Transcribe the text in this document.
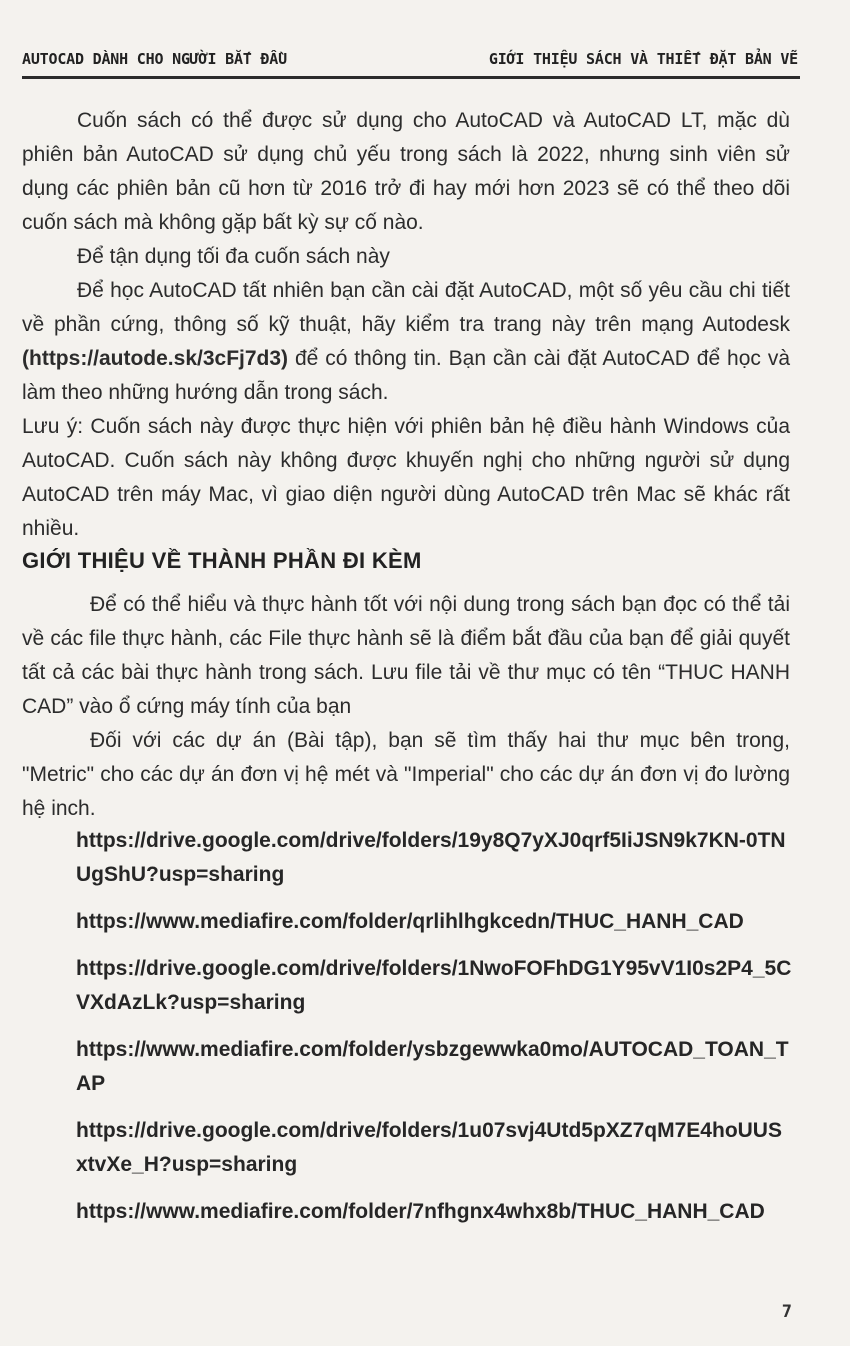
AUTOCAD DÀNH CHO NGƯỜI BẮT ĐẦU	GIỚI THIỆU SÁCH VÀ THIẾT ĐẶT BẢN VẼ

Cuốn sách có thể được sử dụng cho AutoCAD và AutoCAD LT, mặc dù phiên bản AutoCAD sử dụng chủ yếu trong sách là 2022, nhưng sinh viên sử dụng các phiên bản cũ hơn từ 2016 trở đi hay mới hơn 2023 sẽ có thể theo dõi cuốn sách mà không gặp bất kỳ sự cố nào.

Để tận dụng tối đa cuốn sách này

Để học AutoCAD tất nhiên bạn cần cài đặt AutoCAD, một số yêu cầu chi tiết về phần cứng, thông số kỹ thuật, hãy kiểm tra trang này trên mạng Autodesk (https://autode.sk/3cFj7d3) để có thông tin. Bạn cần cài đặt AutoCAD để học và làm theo những hướng dẫn trong sách.

Lưu ý: Cuốn sách này được thực hiện với phiên bản hệ điều hành Windows của AutoCAD. Cuốn sách này không được khuyến nghị cho những người sử dụng AutoCAD trên máy Mac, vì giao diện người dùng AutoCAD trên Mac sẽ khác rất nhiều.

GIỚI THIỆU VỀ THÀNH PHẦN ĐI KÈM

Để có thể hiểu và thực hành tốt với nội dung trong sách bạn đọc có thể tải về các file thực hành, các File thực hành sẽ là điểm bắt đầu của bạn để giải quyết tất cả các bài thực hành trong sách. Lưu file tải về thư mục có tên “THUC HANH CAD” vào ổ cứng máy tính của bạn

Đối với các dự án (Bài tập), bạn sẽ tìm thấy hai thư mục bên trong, "Metric" cho các dự án đơn vị hệ mét và "Imperial" cho các dự án đơn vị đo lường hệ inch.

https://drive.google.com/drive/folders/19y8Q7yXJ0qrf5IiJSN9k7KN-0TNUgShU?usp=sharing

https://www.mediafire.com/folder/qrlihlhgkcedn/THUC_HANH_CAD

https://drive.google.com/drive/folders/1NwoFOFhDG1Y95vV1I0s2P4_5CVXdAzLk?usp=sharing

https://www.mediafire.com/folder/ysbzgewwka0mo/AUTOCAD_TOAN_TAP

https://drive.google.com/drive/folders/1u07svj4Utd5pXZ7qM7E4hoUUSxtvXe_H?usp=sharing

https://www.mediafire.com/folder/7nfhgnx4whx8b/THUC_HANH_CAD

7
